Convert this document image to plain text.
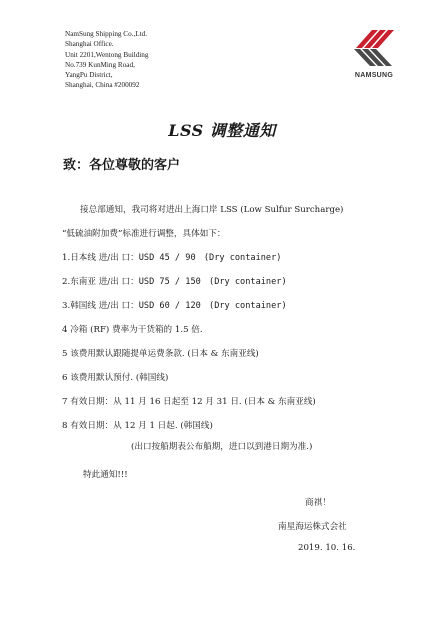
NamSung Shipping Co.,Ltd.
Shanghai Office.
Unit 2201,Wentong Building
No.739 KunMing Road,
YangPu District,
Shanghai, China #200092
NAMSUNG
LSS 调整通知
致：各位尊敬的客户
接总部通知，我司将对进出上海口岸 LSS (Low Sulfur Surcharge)
“低硫油附加费”标准进行调整，具体如下：
1.日本线 进/出 口：USD 45 / 90 (Dry container)
2.东南亚 进/出 口：USD 75 / 150 (Dry container)
3.韩国线 进/出 口：USD 60 / 120 (Dry container)
4 冷箱 (RF) 费率为干货箱的 1.5 倍.
5 该费用默认跟随提单运费条款. (日本 & 东南亚线)
6 该费用默认预付. (韩国线)
7 有效日期：从 11 月 16 日起至 12 月 31 日. (日本 & 东南亚线)
8 有效日期：从 12 月 1 日起. (韩国线)
(出口按船期表公布船期，进口以到港日期为准.)
特此通知!!!
商祺！
南星海运株式会社
2019. 10. 16.
